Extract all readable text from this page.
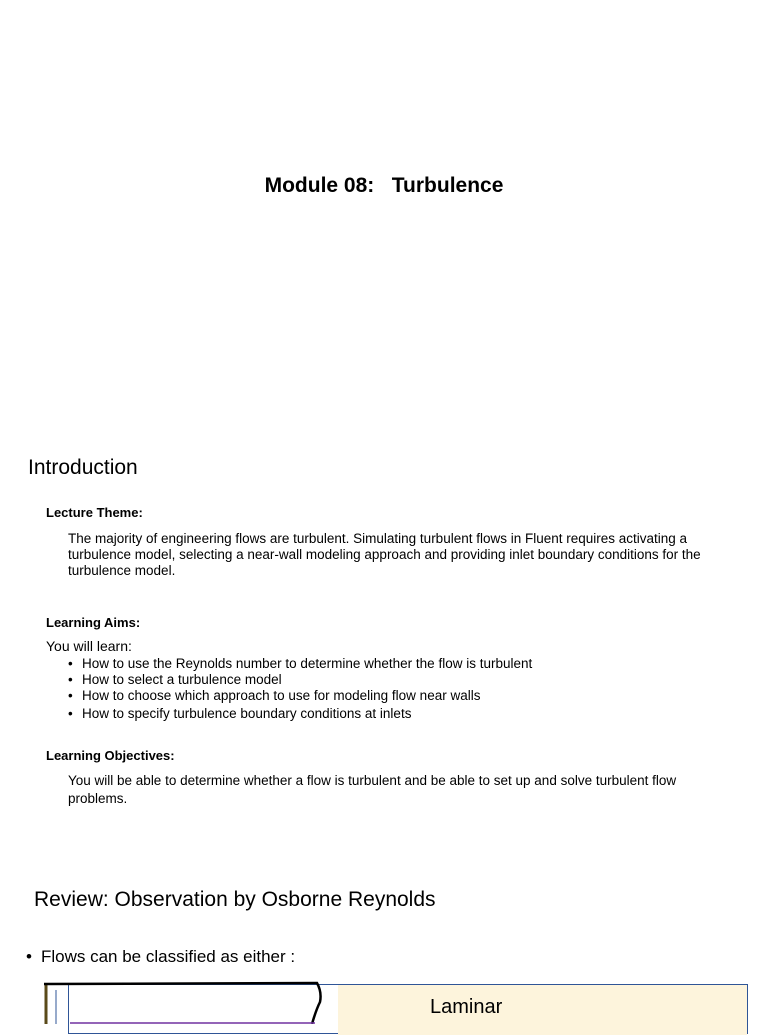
Module 08:   Turbulence
Introduction

Lecture Theme:

The majority of engineering flows are turbulent. Simulating turbulent flows in Fluent requires activating a turbulence model, selecting a near-wall modeling approach and providing inlet boundary conditions for the turbulence model.

Learning Aims:

You will learn:

• How to use the Reynolds number to determine whether the flow is turbulent
• How to select a turbulence model
• How to choose which approach to use for modeling flow near walls
• How to specify turbulence boundary conditions at inlets

Learning Objectives:

You will be able to determine whether a flow is turbulent and be able to set up and solve turbulent flow problems.

Review: Observation by Osborne Reynolds

• Flows can be classified as either :

Laminar
